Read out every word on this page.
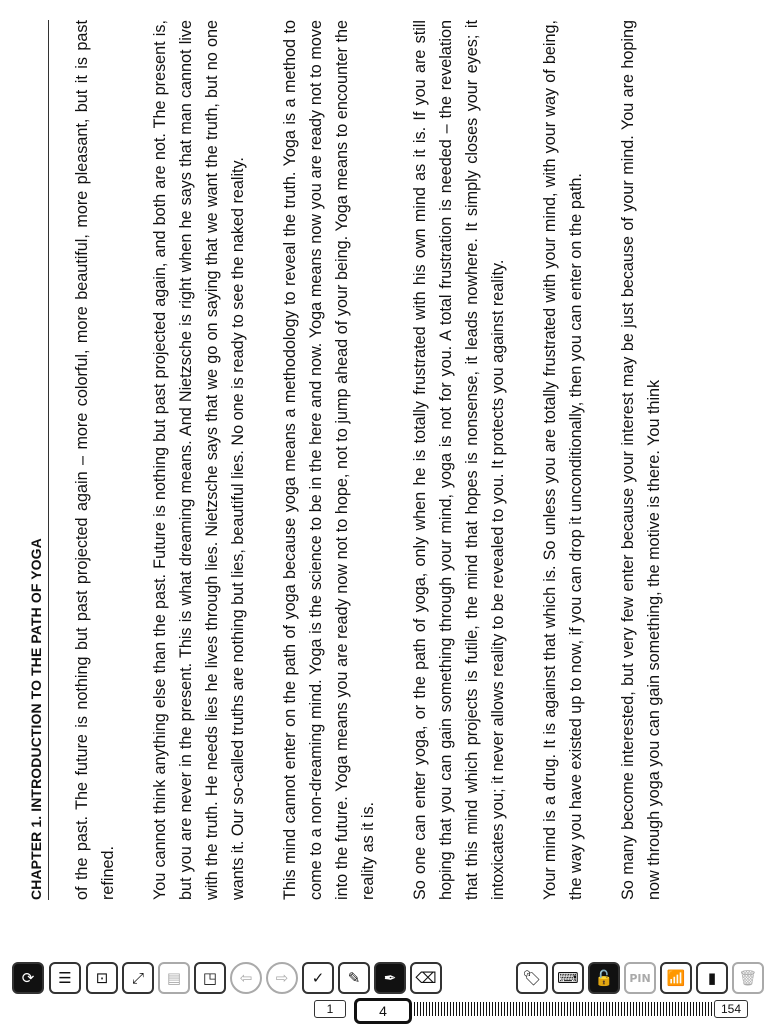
CHAPTER 1. INTRODUCTION TO THE PATH OF YOGA	of the past. The future is nothing but past projected again – more colorful, more beautiful, more pleasant, but it is past refined. You cannot think anything else than the past. Future is nothing but past projected again, and both are not. The present is, but you are never in the present. This is what dreaming means. And Nietzsche is right when he says that man cannot live with the truth. He needs lies he lives through lies. Nietzsche says that we go on saying that we want the truth, but no one wants it. Our so-called truths are nothing but lies, beautiful lies. No one is ready to see the naked reality. This mind cannot enter on the path of yoga because yoga means a methodology to reveal the truth. Yoga is a method to come to a non-dreaming mind. Yoga is the science to be in the here and now. Yoga means now you are ready not to move into the future. Yoga means you are ready now not to hope, not to jump ahead of your being. Yoga means to encounter the reality as it is. So one can enter yoga, or the path of yoga, only when he is totally frustrated with his own mind as it is. If you are still hoping that you can gain something through your mind, yoga is not for you. A total frustration is needed – the revelation that this mind which projects is futile, the mind that hopes is nonsense, it leads nowhere. It simply closes your eyes; it intoxicates you; it never allows reality to be revealed to you. It protects you against reality. Your mind is a drug. It is against that which is. So unless you are totally frustrated with your mind, with your way of being, the way you have existed up to now, if you can drop it unconditionally, then you can enter on the path. So many become interested, but very few enter because your interest may be just because of your mind. You are hoping now through yoga you can gain something, the motive is there. You think

⟳	☰	⊡	⤢	▤	◳	⇦	⇨	✓	✎	✒	⌫	🏷	⌨	🔓	PIN	📶	▮	🗑
1	4	154
